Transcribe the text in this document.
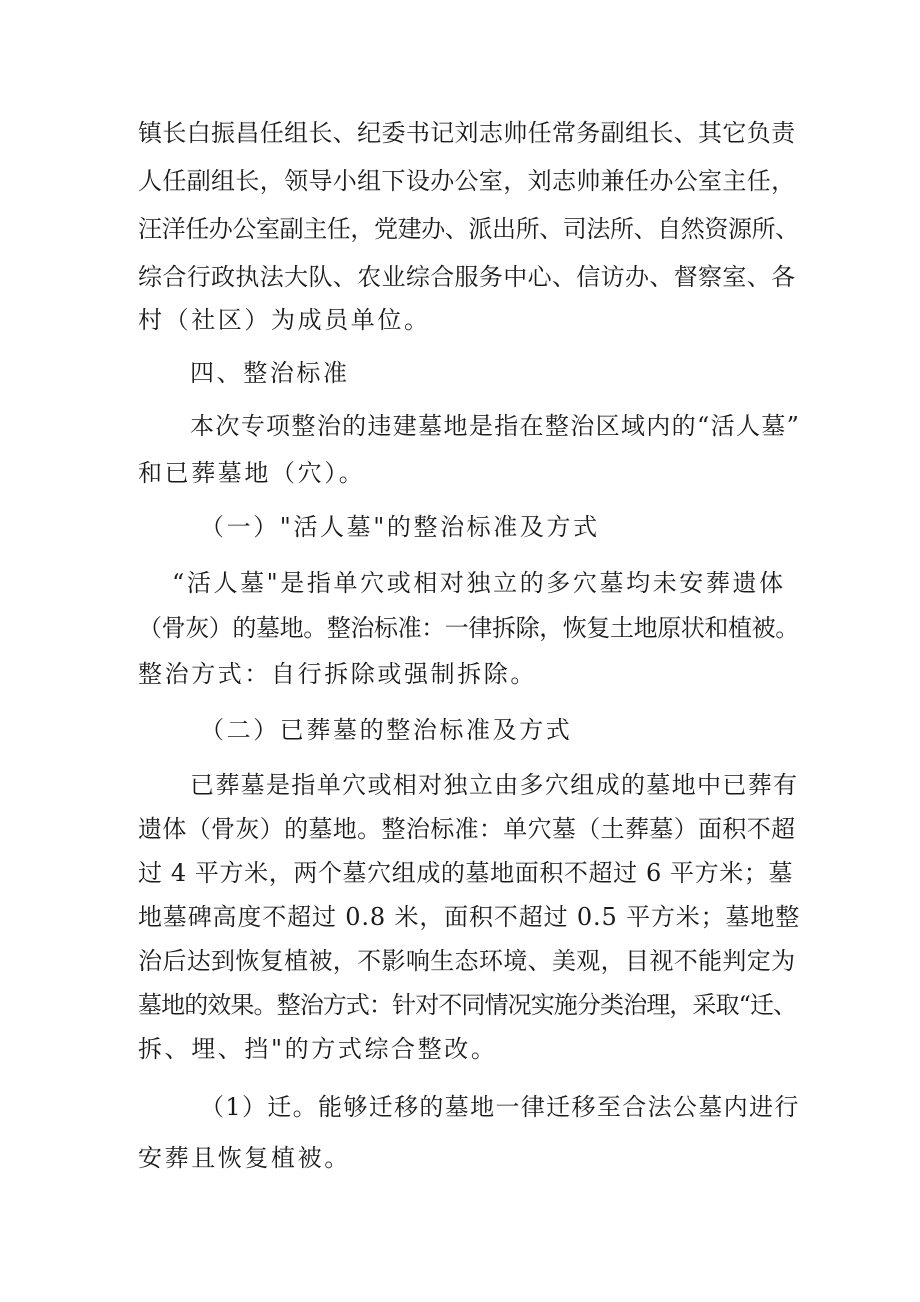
镇长白振昌任组长、纪委书记刘志帅任常务副组长、其它负责
人任副组长，领导小组下设办公室，刘志帅兼任办公室主任，
汪洋任办公室副主任，党建办、派出所、司法所、自然资源所、
综合行政执法大队、农业综合服务中心、信访办、督察室、各
村（社区）为成员单位。
四、整治标准
本次专项整治的违建墓地是指在整治区域内的“活人墓”
和已葬墓地（穴）。
（一）"活人墓"的整治标准及方式
“活人墓"是指单穴或相对独立的多穴墓均未安葬遗体
（骨灰）的墓地。整治标准：一律拆除，恢复土地原状和植被。
整治方式：自行拆除或强制拆除。
（二）已葬墓的整治标准及方式
已葬墓是指单穴或相对独立由多穴组成的墓地中已葬有
遗体（骨灰）的墓地。整治标准：单穴墓（土葬墓）面积不超
过 4 平方米，两个墓穴组成的墓地面积不超过 6 平方米；墓
地墓碑高度不超过 0.8 米，面积不超过 0.5 平方米；墓地整
治后达到恢复植被，不影响生态环境、美观，目视不能判定为
墓地的效果。整治方式：针对不同情况实施分类治理，采取“迁、
拆、埋、挡"的方式综合整改。
（1）迁。能够迁移的墓地一律迁移至合法公墓内进行
安葬且恢复植被。
